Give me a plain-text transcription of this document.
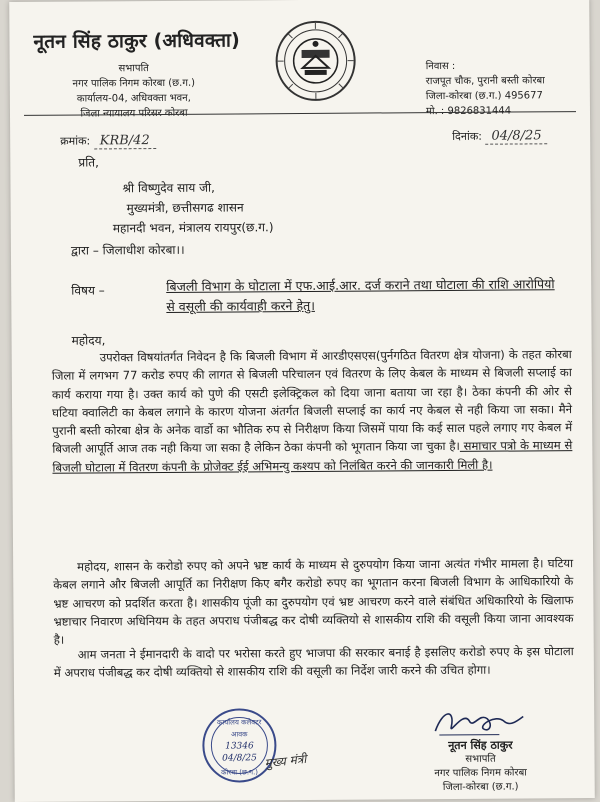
नूतन सिंह ठाकुर (अधिवक्ता)
सभापति
नगर पालिक निगम कोरबा (छ.ग.)
कार्यालय-04, अधिवक्ता भवन,
जिला न्यायालय परिसर कोरबा
निवास :
राजपूत चौक, पुरानी बस्ती कोरबा
जिला-कोरबा (छ.ग.) 495677
मो. : 9826831444
क्रमांक: KRB/42	दिनांक: 04/8/25
प्रति,
श्री विष्णुदेव साय जी,
मुख्यमंत्री, छत्तीसगढ शासन
महानदी भवन, मंत्रालय रायपुर(छ.ग.)
द्वारा – जिलाधीश कोरबा।।
विषय –	बिजली विभाग के घोटाला में एफ.आई.आर. दर्ज कराने तथा घोटाला की राशि आरोपियो से वसूली की कार्यवाही करने हेतु।
महोदय,
उपरोक्त विषयांतर्गत निवेदन है कि बिजली विभाग में आरडीएसएस(पुर्नगठित वितरण क्षेत्र योजना) के तहत कोरबा जिला में लगभग 77 करोड रुपए की लागत से बिजली परिचालन एवं वितरण के लिए केबल के माध्यम से बिजली सप्लाई का कार्य कराया गया है। उक्त कार्य को पुणे की एसटी इलेक्ट्रिकल को दिया जाना बताया जा रहा है। ठेका कंपनी की ओर से घटिया क्वालिटी का केबल लगाने के कारण योजना अंतर्गत बिजली सप्लाई का कार्य नए केबल से नही किया जा सका। मैने पुरानी बस्ती कोरबा क्षेत्र के अनेक वार्डो का भौतिक रुप से निरीक्षण किया जिसमें पाया कि कई साल पहले लगाए गए केबल में बिजली आपूर्ति आज तक नही किया जा सका है लेकिन ठेका कंपनी को भूगतान किया जा चुका है। समाचार पत्रो के माध्यम से बिजली घोटाला में वितरण कंपनी के प्रोजेक्ट ईई अभिमन्यु कश्यप को निलंबित करने की जानकारी मिली है।
महोदय, शासन के करोडो रुपए को अपने भ्रष्ट कार्य के माध्यम से दुरुपयोग किया जाना अत्यंत गंभीर मामला है। घटिया केबल लगाने और बिजली आपूर्ति का निरीक्षण किए बगैर करोडो रुपए का भूगतान करना बिजली विभाग के आधिकारियो के भ्रष्ट आचरण को प्रदर्शित करता है। शासकीय पूंजी का दुरुपयोग एवं भ्रष्ट आचरण करने वाले संबंधित अधिकारियो के खिलाफ भ्रष्टाचार निवारण अधिनियम के तहत अपराध पंजीबद्ध कर दोषी व्यक्तियो से शासकीय राशि की वसूली किया जाना आवश्यक है।
आम जनता ने ईमानदारी के वादो पर भरोसा करते हुए भाजपा की सरकार बनाई है इसलिए करोडो रुपए के इस घोटाला में अपराध पंजीबद्ध कर दोषी व्यक्तियो से शासकीय राशि की वसूली का निर्देश जारी करने की उचित होगा।
कार्यालय कलेक्टर
आवक
13346
04/8/25
कोरबा (छ.ग.)
मुख्य मंत्री
नूतन सिंह ठाकुर
सभापति
नगर पालिक निगम कोरबा
जिला-कोरबा (छ.ग.)
